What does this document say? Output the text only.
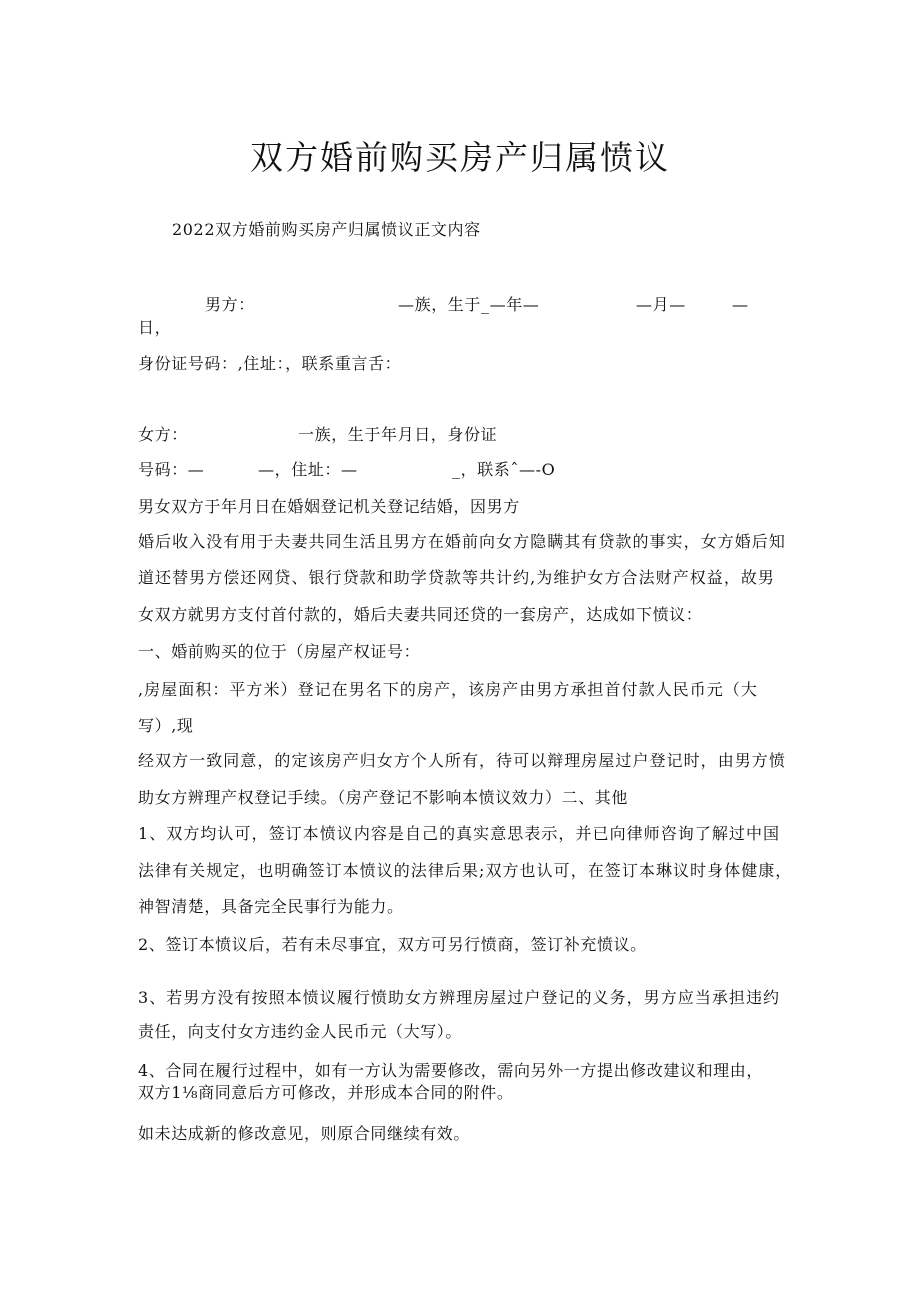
双方婚前购买房产归属愤议
2022双方婚前购买房产归属愤议正文内容
男方：	—族，生于_—年—	—月—	—
日，
身份证号码：,住址：，联系重言舌：
女方：	一族，生于年月日，身份证
号码：—	—，住址：—	_，联系ˆ—-O
男女双方于年月日在婚姻登记机关登记结婚，因男方
婚后收入没有用于夫妻共同生活且男方在婚前向女方隐瞒其有贷款的事实，女方婚后知
道还替男方偿还网贷、银行贷款和助学贷款等共计约,为维护女方合法财产权益，故男
女双方就男方支付首付款的，婚后夫妻共同还贷的一套房产，达成如下愤议：
一、婚前购买的位于（房屋产权证号：
,房屋面积：平方米）登记在男名下的房产，该房产由男方承担首付款人民币元（大
写）,现
经双方一致同意，的定该房产归女方个人所有，待可以辩理房屋过户登记时，由男方愤
助女方辨理产权登记手续。（房产登记不影响本愤议效力）二、其他
1、双方均认可，签订本愤议内容是自己的真实意思表示，并已向律师咨询了解过中国
法律有关规定，也明确签订本愤议的法律后果;双方也认可，在签订本琳议时身体健康，
神智清楚，具备完全民事行为能力。
2、签订本愤议后，若有未尽事宜，双方可另行愤商，签订补充愤议。
3、若男方没有按照本愤议履行愤助女方辨理房屋过户登记的义务，男方应当承担违约
责任，向支付女方违约金人民币元（大写）。
4、合同在履行过程中，如有一方认为需要修改，需向另外一方提出修改建议和理由，
双方1⅛商同意后方可修改，并形成本合同的附件。
如未达成新的修改意见，则原合同继续有效。
